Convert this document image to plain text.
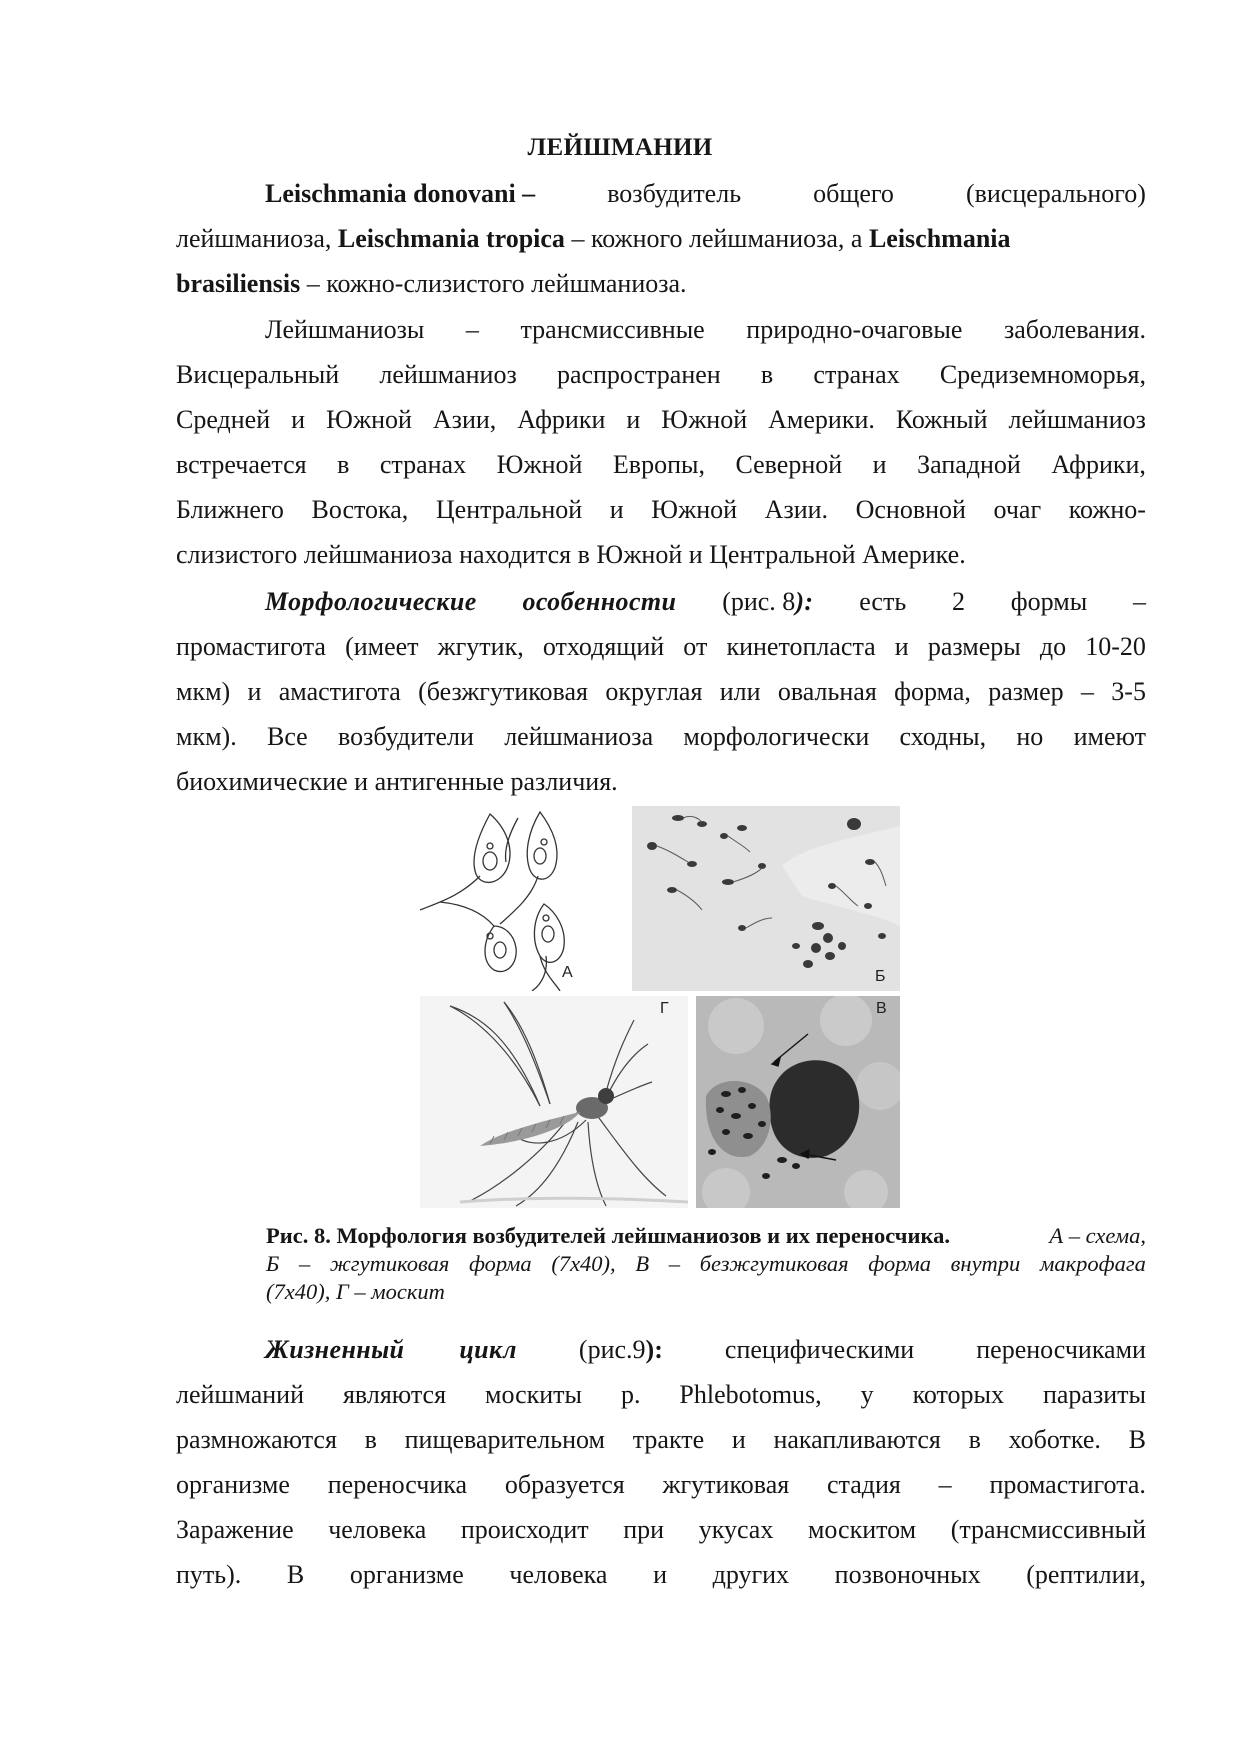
ЛЕЙШМАНИИ
Leischmania donovani –	возбудитель	общего	(висцерального)
лейшманиоза, Leischmania tropica – кожного лейшманиоза, а Leischmania
brasiliensis – кожно-слизистого лейшманиоза.
Лейшманиозы – трансмиссивные природно-очаговые заболевания.
Висцеральный лейшманиоз распространен в странах Средиземноморья,
Средней и Южной Азии, Африки и Южной Америки. Кожный лейшманиоз
встречается в странах Южной Европы, Северной и Западной Африки,
Ближнего Востока, Центральной и Южной Азии. Основной очаг кожно-
слизистого лейшманиоза находится в Южной и Центральной Америке.
Морфологические особенности (рис. 8): есть 2 формы –
промастигота (имеет жгутик, отходящий от кинетопласта и размеры до 10-20
мкм) и амастигота (безжгутиковая округлая или овальная форма, размер – 3-5
мкм). Все возбудители лейшманиоза морфологически сходны, но имеют
биохимические и антигенные различия.
А	Б
Г	В
Рис. 8. Морфология возбудителей лейшманиозов и их переносчика.	А – схема,
Б – жгутиковая форма (7х40), В – безжгутиковая форма внутри макрофага
(7х40), Г – москит
Жизненный цикл (рис.9): специфическими переносчиками
лейшманий являются москиты р. Phlebotomus, у которых паразиты
размножаются в пищеварительном тракте и накапливаются в хоботке. В
организме переносчика образуется жгутиковая стадия – промастигота.
Заражение человека происходит при укусах москитом (трансмиссивный
путь). В организме человека и других позвоночных (рептилии,
